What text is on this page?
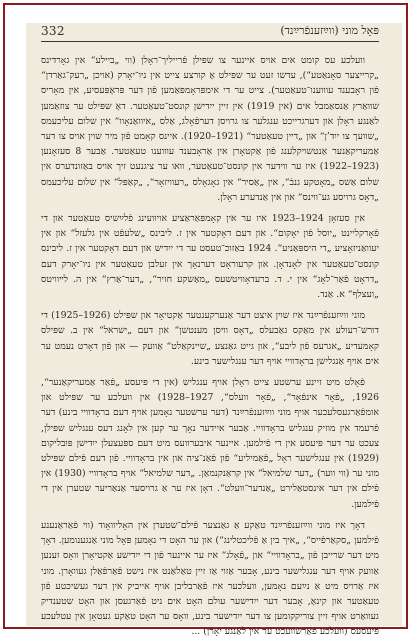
332	פּאָל מוני (ווײַזענפֿרײַנד)

וועלכע עס קומט אים אויס איינער צו שפּילן פֿרייליך־ראָלן (ווי „ביילע“ אין גאָרדינס „קרייצער סאָנאַטע“), עדשו זעט ער שפּילט אָ קורצע צייט אין ניו־יאָרק (אויכן „רעק־גאַרדן“ פֿון ראָבענד עוווענו־טעאַטער). צייט ער די אימפּראָמפּאַמען פֿון דער פּראָפּעסיע, אין מאָריס שוואַרץ אַנסאַמבל אים (אין 1919) אין זיין ייִדישן קונסט־טעאַטער. דאָ שפּילט ער צוזאַמען לאַנגע ראָלן און דערגרייכט ענגלער צו גרויסן דערפֿאָלג, אַלס „איוואַנאָוו“ אין שלום עליכעמס „שוועך צו ייִד’ן“ און „דיין טעאַטער“ (1921–1920). איינס קאָמט פֿון מיר שוין אויס צו דער אַמעריקאַנער אַנטשויקלענג פֿון אַקטאָרן אין אַראָבענד עוווענו טעאַטער. אַבער 8 סעזאָנען (1923–1922) איז ער ווידער אין קונסט־טעאַטער, וואו ער ציגנעט זיך אויס באַזונדערס אין שלום אַשס „מאָטקע גנבֿ“, אין „אַסיר“ אין גאָגאָלס „רעוויזאָר“, „קאַפּל“ אין שלום עליכעמס „דאָס גרויסע גע־ווינס“ און אין אַנדערע ראָלן.

אין סעזאָן 1924–1923 איז ער אין קאָמפּאַראַציע אויוועינג פֿלײַשיס טעאַטער און די פֿאָרקליינט „יוסל פֿון יאָקום“. און דעם דאָקטער אין ז. ליבינס „שלעפֿט אין גלעזל“ און אין יעוואַניזאָציע „די היספּאַניע“. 1924 באַזוכ־טעסט ער די ייִדיש און דעם דאָקטער אין ז. ליבינס קונסט־טעאַטער אין לאָנדאָן. און קרעוראָט דערנאָך אין זעלבן טעאַטער אין ניו־יאָרק דעם „דראָט פֿאַר־לאָג“ אין י. ד. ברעדאָוויטשעס „מאַשקע חזיר“, „דער־אַרץ“ אין ה. לײוויטס „ועצלף“ א. אַנד.

מוני ווײַזענפֿרײַנד איז שוין איצט דער אַנערקענטער אַקטיאָר און שפּילט (1926–1925) די דורש־רעולע אין מאַקס גאַבעלס „דאָס וויסן מענטשן“ און דעם „ישראל“ אין ב. שפּילס קאָמעדיע „אגרעס פֿון ליבע“, און גייט גאַנצע „שיינקאַלט“ אַוועק — און פֿון דאָרט נעמט ער אים אויף אַנגלישן בראָדוויי אויף דער ענגלישער בינע.

פֿאָלט מיט זיינע ערשטע צייט ראָלן אויף ענגליש (אין די פּיעסע „פֿאַר אַמעריקאַנער“, 1926, „פֿאָר אינפֿאָר“, „פֿאָר וועלס“, 1927–1928) אין וועלכע ער שפּילט און אומפֿאַרגעסלעכער אויף מוני ווײַזענפֿרײַנד (דער ערשטער נאָמען אויף דעם בראָדוויי בינע) דער פֿרעמד אין מוזיק ענגליש בראָדוויי. אַבער איידער נאָך ער קען אין לאָנג דעס ענגליש שפּילן, צעכט ער דער פּיעסע אין די פֿילמען. איינער איבערוועס מיט דעם ספּעצעלן ייִדישן פּובליקום (1929) אין ענגלישער ראָל „פֿאַמיליע“ פֿון פֿאַנ־ציה און אין בראָדוויי. פֿון דעם פֿילם שפּילט מוני ער (ווי ווער) „דער שלמיאל“ אין קראַנקנמאַן. „דער שלמיאל“ אויף בראָדוויי (1930) אין פֿילם אין דער אינסטאַלירט „אַנדער־וועלט“. דאָן איז ער אַ גרויסער אַנאַריער שטערן אין די פֿילמען.

דאָך איז מוני ווײַזענפֿרײַנד טאַקע אַ גאַנצער פֿילם־שטערן אין האָליוואָוד (ווי פֿאַראַנענע פֿילמען „סקאַרפֿייס“, „איך בין אַ פֿליכטלינג“) און ער האָט די נאָמען פּאָל מוני אַנגענומען. דאָך מיט דער שרייבן פֿון „בראָדוויי“ און „פֿאָלג“ איז ער איינער פֿון די ייִדישע אַקטיאָרן וואָס זענען אַוועק אויף דער ענגלישער בינע, אָבער אַזוי אַז זיין טאַלאַנט איז נישט פֿאַרפֿאַלן געוואָרן. מוני איז אַרויס מיט אַ נײַעם נאָמען, וועלכער איז פֿאַרבליבן אויף אייביק אין דער געשיכטע פֿון טעאַטער און קינאָ, אָבער דער ייִדישער עולם האָט אים ניט פֿאַרגעסן און האָט שטענדיק געוואַרט אויף זיין צוריקקומען צו דער ייִדישער בינע, וואָס ער האָט טאַקע געטאָן אין עטלעכע פּיעסעס (וועלכע פֿאַרשוועכט ער אין לאַנגע יאָרן) ...
